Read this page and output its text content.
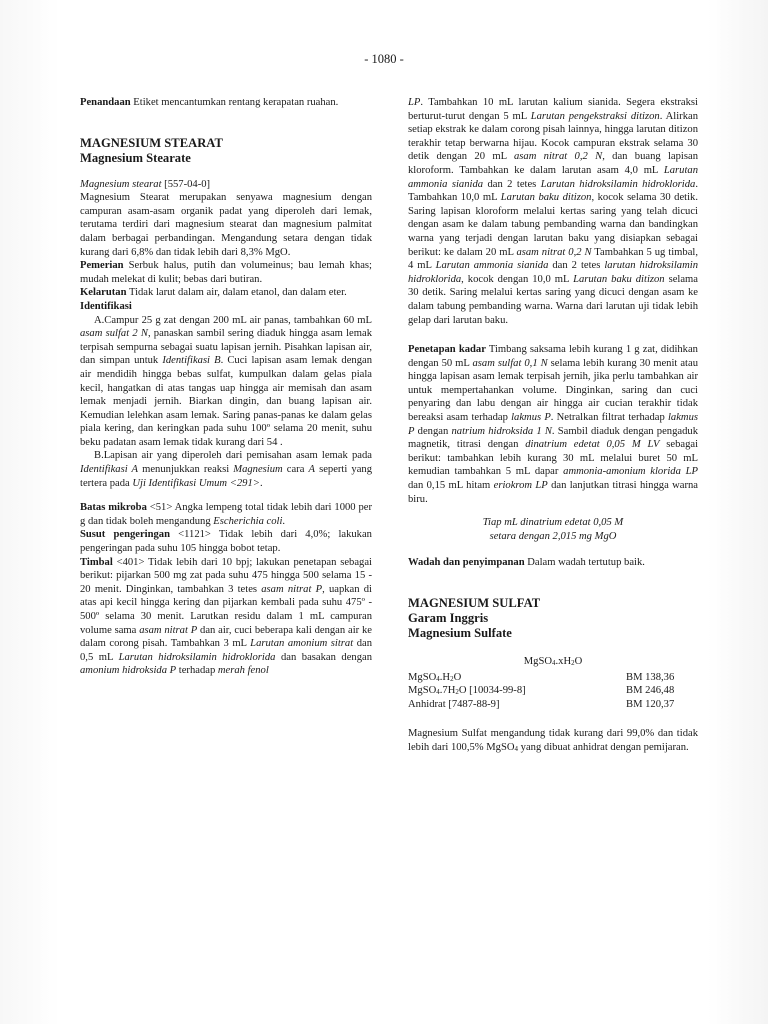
- 1080 -

Penandaan Etiket mencantumkan rentang kerapatan ruahan.

MAGNESIUM STEARAT
Magnesium Stearate

Magnesium stearat [557-04-0]

Magnesium Stearat merupakan senyawa magnesium dengan campuran asam-asam organik padat yang diperoleh dari lemak, terutama terdiri dari magnesium stearat dan magnesium palmitat dalam berbagai perbandingan. Mengandung setara dengan tidak kurang dari 6,8% dan tidak lebih dari 8,3% MgO.

Pemerian Serbuk halus, putih dan volumeinus; bau lemah khas; mudah melekat di kulit; bebas dari butiran.

Kelarutan Tidak larut dalam air, dalam etanol, dan dalam eter.

Identifikasi

A.Campur 25 g zat dengan 200 mL air panas, tambahkan 60 mL asam sulfat 2 N, panaskan sambil sering diaduk hingga asam lemak terpisah sempurna sebagai suatu lapisan jernih. Pisahkan lapisan air, dan simpan untuk Identifikasi B. Cuci lapisan asam lemak dengan air mendidih hingga bebas sulfat, kumpulkan dalam gelas piala kecil, hangatkan di atas tangas uap hingga air memisah dan asam lemak menjadi jernih. Biarkan dingin, dan buang lapisan air. Kemudian lelehkan asam lemak. Saring panas-panas ke dalam gelas piala kering, dan keringkan pada suhu 100º selama 20 menit, suhu beku padatan asam lemak tidak kurang dari 54 .

B.Lapisan air yang diperoleh dari pemisahan asam lemak pada Identifikasi A menunjukkan reaksi Magnesium cara A seperti yang tertera pada Uji Identifikasi Umum <291>.

Batas mikroba <51> Angka lempeng total tidak lebih dari 1000 per g dan tidak boleh mengandung Escherichia coli.

Susut pengeringan <1121> Tidak lebih dari 4,0%; lakukan pengeringan pada suhu 105 hingga bobot tetap.

Timbal <401> Tidak lebih dari 10 bpj; lakukan penetapan sebagai berikut: pijarkan 500 mg zat pada suhu 475 hingga 500 selama 15 - 20 menit. Dinginkan, tambahkan 3 tetes asam nitrat P, uapkan di atas api kecil hingga kering dan pijarkan kembali pada suhu 475º - 500º selama 30 menit. Larutkan residu dalam 1 mL campuran volume sama asam nitrat P dan air, cuci beberapa kali dengan air ke dalam corong pisah. Tambahkan 3 mL Larutan amonium sitrat dan 0,5 mL Larutan hidroksilamin hidroklorida dan basakan dengan amonium hidroksida P terhadap merah fenol

LP. Tambahkan 10 mL larutan kalium sianida. Segera ekstraksi berturut-turut dengan 5 mL Larutan pengekstraksi ditizon. Alirkan setiap ekstrak ke dalam corong pisah lainnya, hingga larutan ditizon terakhir tetap berwarna hijau. Kocok campuran ekstrak selama 30 detik dengan 20 mL asam nitrat 0,2 N, dan buang lapisan kloroform. Tambahkan ke dalam larutan asam 4,0 mL Larutan ammonia sianida dan 2 tetes Larutan hidroksilamin hidroklorida. Tambahkan 10,0 mL Larutan baku ditizon, kocok selama 30 detik. Saring lapisan kloroform melalui kertas saring yang telah dicuci dengan asam ke dalam tabung pembanding warna dan bandingkan warna yang terjadi dengan larutan baku yang disiapkan sebagai berikut: ke dalam 20 mL asam nitrat 0,2 N Tambahkan 5 ug timbal, 4 mL Larutan ammonia sianida dan 2 tetes larutan hidroksilamin hidroklorida, kocok dengan 10,0 mL Larutan baku ditizon selama 30 detik. Saring melalui kertas saring yang dicuci dengan asam ke dalam tabung pembanding warna. Warna dari larutan uji tidak lebih gelap dari larutan baku.

Penetapan kadar Timbang saksama lebih kurang 1 g zat, didihkan dengan 50 mL asam sulfat 0,1 N selama lebih kurang 30 menit atau hingga lapisan asam lemak terpisah jernih, jika perlu tambahkan air untuk mempertahankan volume. Dinginkan, saring dan cuci penyaring dan labu dengan air hingga air cucian terakhir tidak bereaksi asam terhadap lakmus P. Netralkan filtrat terhadap lakmus P dengan natrium hidroksida 1 N. Sambil diaduk dengan pengaduk magnetik, titrasi dengan dinatrium edetat 0,05 M LV sebagai berikut: tambahkan lebih kurang 30 mL melalui buret 50 mL kemudian tambahkan 5 mL dapar ammonia-amonium klorida LP dan 0,15 mL hitam eriokrom LP dan lanjutkan titrasi hingga warna biru.

Tiap mL dinatrium edetat 0,05 M
setara dengan 2,015 mg MgO

Wadah dan penyimpanan Dalam wadah tertutup baik.

MAGNESIUM SULFAT
Garam Inggris
Magnesium Sulfate
$MgSO_4.xH_2O$
$MgSO_4.H_2O$	BM 138,36
$MgSO_4.7H_2O$ [10034-99-8]	BM 246,48
Anhidrat [7487-88-9]	BM 120,37

Magnesium Sulfat mengandung tidak kurang dari 99,0% dan tidak lebih dari 100,5% MgSO$_4$ yang dibuat anhidrat dengan pemijaran.
